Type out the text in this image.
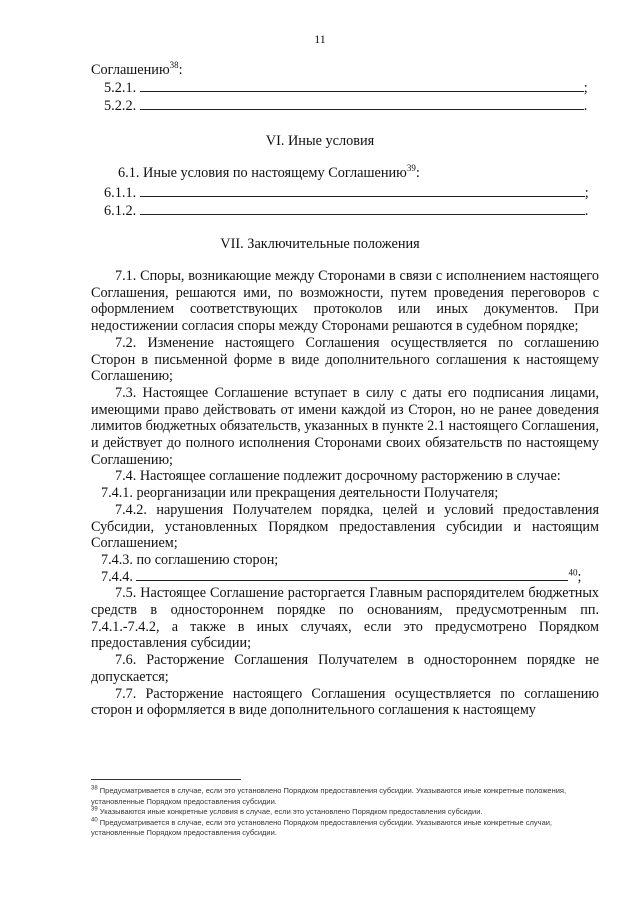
11
Соглашению$^{38}$:
5.2.1.	;
5.2.2.	.
VI. Иные условия
6.1. Иные условия по настоящему Соглашению$^{39}$:
6.1.1.	;
6.1.2.	.
VII. Заключительные положения

7.1. Споры, возникающие между Сторонами в связи с исполнением настоящего Соглашения, решаются ими, по возможности, путем проведения переговоров с оформлением соответствующих протоколов или иных документов. При недостижении согласия споры между Сторонами решаются в судебном порядке;

7.2. Изменение настоящего Соглашения осуществляется по соглашению Сторон в письменной форме в виде дополнительного соглашения к настоящему Соглашению;

7.3. Настоящее Соглашение вступает в силу с даты его подписания лицами, имеющими право действовать от имени каждой из Сторон, но не ранее доведения лимитов бюджетных обязательств, указанных в пункте 2.1 настоящего Соглашения, и действует до полного исполнения Сторонами своих обязательств по настоящему Соглашению;

7.4. Настоящее соглашение подлежит досрочному расторжению в случае:

7.4.1. реорганизации или прекращения деятельности Получателя;

7.4.2. нарушения Получателем порядка, целей и условий предоставления Субсидии, установленных Порядком предоставления субсидии и настоящим Соглашением;

7.4.3. по соглашению сторон;

7.4.4.	$^{40}$;

7.5. Настоящее Соглашение расторгается Главным распорядителем бюджетных средств в одностороннем порядке по основаниям, предусмотренным пп. 7.4.1.-7.4.2, а также в иных случаях, если это предусмотрено Порядком предоставления субсидии;

7.6. Расторжение Соглашения Получателем в одностороннем порядке не допускается;

7.7. Расторжение настоящего Соглашения осуществляется по соглашению сторон и оформляется в виде дополнительного соглашения к настоящему

$^{38}$ Предусматривается в случае, если это установлено Порядком предоставления субсидии. Указываются иные конкретные положения, установленные Порядком предоставления субсидии.

$^{39}$ Указываются иные конкретные условия в случае, если это установлено Порядком предоставления субсидии.

$^{40}$ Предусматривается в случае, если это установлено Порядком предоставления субсидии. Указываются иные конкретные случаи, установленные Порядком предоставления субсидии.
